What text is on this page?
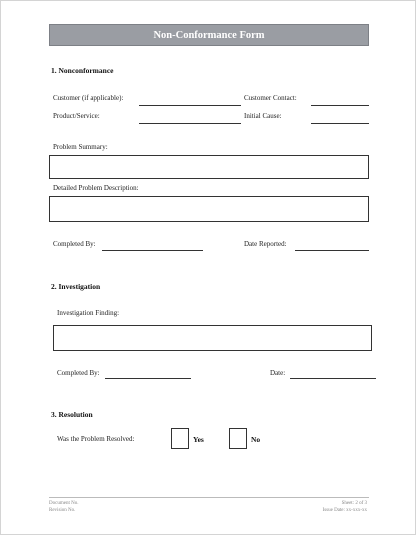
Non-Conformance Form
1. Nonconformance
Customer (if applicable):	Customer Contact:
Product/Service:	Initial Cause:
Problem Summary:
Detailed Problem Description:
Completed By:	Date Reported:
2. Investigation
Investigation Finding:
Completed By:	Date:
3. Resolution
Was the Problem Resolved:	Yes	No
Document No.
Revision No.
Sheet: 2 of 3
Issue Date: xx-xxx-xx
